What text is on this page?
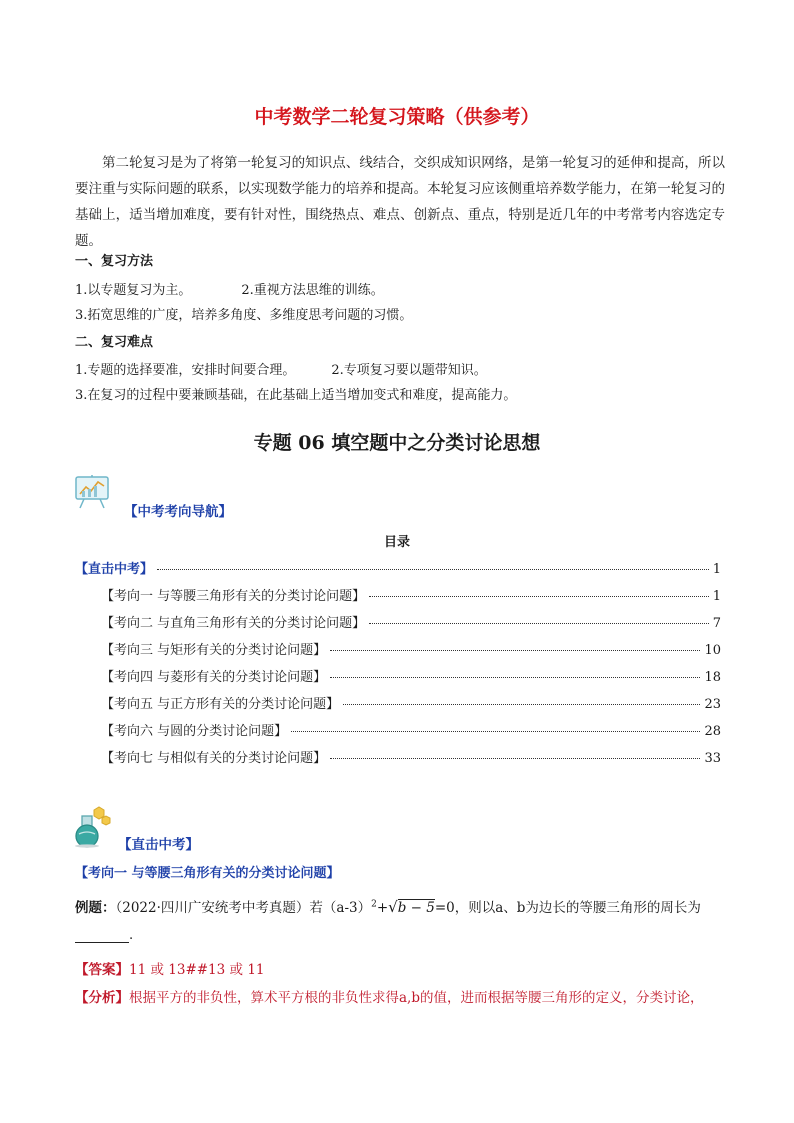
中考数学二轮复习策略（供参考）

第二轮复习是为了将第一轮复习的知识点、线结合，交织成知识网络，是第一轮复习的延伸和提高，所以要注重与实际问题的联系，以实现数学能力的培养和提高。本轮复习应该侧重培养数学能力，在第一轮复习的基础上，适当增加难度，要有针对性，围绕热点、难点、创新点、重点，特别是近几年的中考常考内容选定专题。

一、复习方法
1.以专题复习为主。	2.重视方法思维的训练。
3.拓宽思维的广度，培养多角度、多维度思考问题的习惯。
二、复习难点
1.专题的选择要准，安排时间要合理。	2.专项复习要以题带知识。
3.在复习的过程中要兼顾基础，在此基础上适当增加变式和难度，提高能力。
专题 06 填空题中之分类讨论思想
【中考考向导航】
目录
【直击中考】	1
【考向一 与等腰三角形有关的分类讨论问题】	1
【考向二 与直角三角形有关的分类讨论问题】	7
【考向三 与矩形有关的分类讨论问题】	10
【考向四 与菱形有关的分类讨论问题】	18
【考向五 与正方形有关的分类讨论问题】	23
【考向六 与圆的分类讨论问题】	28
【考向七 与相似有关的分类讨论问题】	33
【直击中考】
【考向一 与等腰三角形有关的分类讨论问题】
例题：（2022·四川广安统考中考真题）若$(a-3)^2+√b - 5=0$，则以a、b为边长的等腰三角形的周长为
.
【答案】11 或 13##13 或 11
【分析】根据平方的非负性，算术平方根的非负性求得a,b的值，进而根据等腰三角形的定义，分类讨论，
